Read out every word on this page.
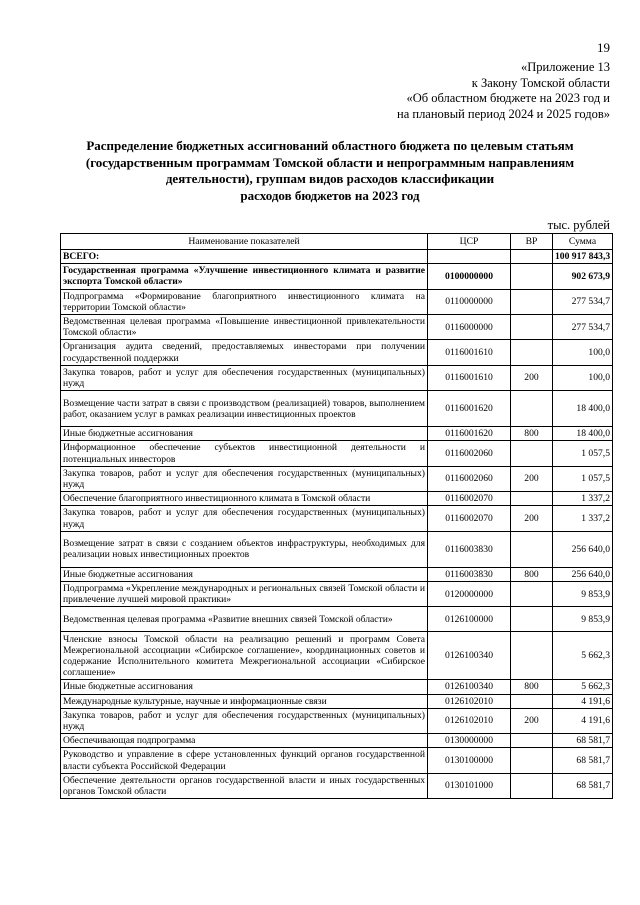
19
«Приложение 13
к Закону Томской области
«Об областном бюджете на 2023 год и
на плановый период 2024 и 2025 годов»
Распределение бюджетных ассигнований областного бюджета по целевым статьям
(государственным программам Томской области и непрограммным направлениям
деятельности), группам видов расходов классификации
расходов бюджетов на 2023 год
тыс. рублей
Наименование показателей	ЦСР	ВР	Сумма
ВСЕГО:			100 917 843,3
Государственная программа «Улучшение инвестиционного климата и развитие экспорта Томской области»	0100000000		902 673,9
Подпрограмма «Формирование благоприятного инвестиционного климата на территории Томской области»	0110000000		277 534,7
Ведомственная целевая программа «Повышение инвестиционной привлекательности Томской области»	0116000000		277 534,7
Организация аудита сведений, предоставляемых инвесторами при получении государственной поддержки	0116001610		100,0
Закупка товаров, работ и услуг для обеспечения государственных (муниципальных) нужд	0116001610	200	100,0
Возмещение части затрат в связи с производством (реализацией) товаров, выполнением работ, оказанием услуг в рамках реализации инвестиционных проектов	0116001620		18 400,0
Иные бюджетные ассигнования	0116001620	800	18 400,0
Информационное обеспечение субъектов инвестиционной деятельности и потенциальных инвесторов	0116002060		1 057,5
Закупка товаров, работ и услуг для обеспечения государственных (муниципальных) нужд	0116002060	200	1 057,5
Обеспечение благоприятного инвестиционного климата в Томской области	0116002070		1 337,2
Закупка товаров, работ и услуг для обеспечения государственных (муниципальных) нужд	0116002070	200	1 337,2
Возмещение затрат в связи с созданием объектов инфраструктуры, необходимых для реализации новых инвестиционных проектов	0116003830		256 640,0
Иные бюджетные ассигнования	0116003830	800	256 640,0
Подпрограмма «Укрепление международных и региональных связей Томской области и привлечение лучшей мировой практики»	0120000000		9 853,9
Ведомственная целевая программа «Развитие внешних связей Томской области»	0126100000		9 853,9
Членские взносы Томской области на реализацию решений и программ Совета Межрегиональной ассоциации «Сибирское соглашение», координационных советов и содержание Исполнительного комитета Межрегиональной ассоциации «Сибирское соглашение»	0126100340		5 662,3
Иные бюджетные ассигнования	0126100340	800	5 662,3
Международные культурные, научные и информационные связи	0126102010		4 191,6
Закупка товаров, работ и услуг для обеспечения государственных (муниципальных) нужд	0126102010	200	4 191,6
Обеспечивающая подпрограмма	0130000000		68 581,7
Руководство и управление в сфере установленных функций органов государственной власти субъекта Российской Федерации	0130100000		68 581,7
Обеспечение деятельности органов государственной власти и иных государственных органов Томской области	0130101000		68 581,7
